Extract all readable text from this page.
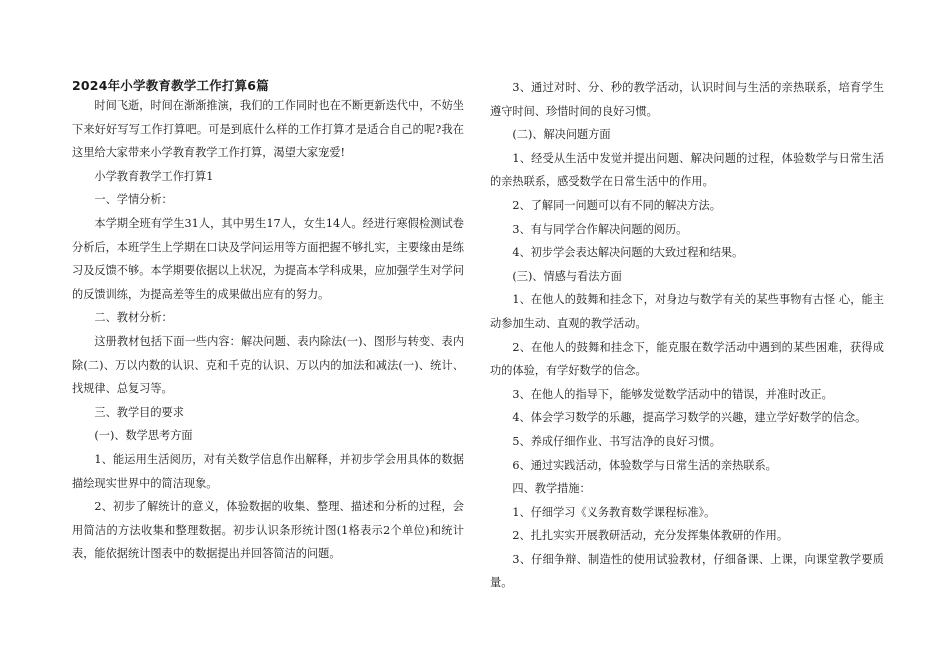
2024年小学教育教学工作打算6篇

时间飞逝，时间在渐渐推演，我们的工作同时也在不断更新迭代中，不妨坐下来好好写写工作打算吧。可是到底什么样的工作打算才是适合自己的呢?我在这里给大家带来小学教育教学工作打算，渴望大家宠爱!

小学教育教学工作打算1

一、学情分析：

本学期全班有学生31人，其中男生17人，女生14人。经进行寒假检测试卷分析后，本班学生上学期在口诀及学问运用等方面把握不够扎实，主要缘由是练习及反馈不够。本学期要依据以上状况，为提高本学科成果，应加强学生对学问的反馈训练，为提高差等生的成果做出应有的努力。

二、教材分析：

这册教材包括下面一些内容：解决问题、表内除法(一)、图形与转变、表内除(二)、万以内数的认识、克和千克的认识、万以内的加法和减法(一)、统计、找规律、总复习等。

三、教学目的要求

(一)、数学思考方面

1、能运用生活阅历，对有关数学信息作出解释，并初步学会用具体的数据描绘现实世界中的简洁现象。

2、初步了解统计的意义，体验数据的收集、整理、描述和分析的过程，会用简洁的方法收集和整理数据。初步认识条形统计图(1格表示2个单位)和统计表，能依据统计图表中的数据提出并回答简洁的问题。

3、通过对时、分、秒的教学活动，认识时间与生活的亲热联系，培育学生遵守时间、珍惜时间的良好习惯。

(二)、解决问题方面

1、经受从生活中发觉并提出问题、解决问题的过程，体验数学与日常生活的亲热联系，感受数学在日常生活中的作用。

2、了解同一问题可以有不同的解决方法。

3、有与同学合作解决问题的阅历。

4、初步学会表达解决问题的大致过程和结果。

(三)、情感与看法方面

1、在他人的鼓舞和挂念下，对身边与数学有关的某些事物有古怪 心，能主动参加生动、直观的教学活动。

2、在他人的鼓舞和挂念下，能克服在数学活动中遇到的某些困难，获得成功的体验，有学好数学的信念。

3、在他人的指导下，能够发觉数学活动中的错误，并准时改正。

4、体会学习数学的乐趣，提高学习数学的兴趣，建立学好数学的信念。

5、养成仔细作业、书写洁净的良好习惯。

6、通过实践活动，体验数学与日常生活的亲热联系。

四、教学措施：

1、仔细学习《义务教育数学课程标准》。

2、扎扎实实开展教研活动，充分发挥集体教研的作用。

3、仔细争辩、制造性的使用试验教材，仔细备课、上课，向课堂教学要质量。
